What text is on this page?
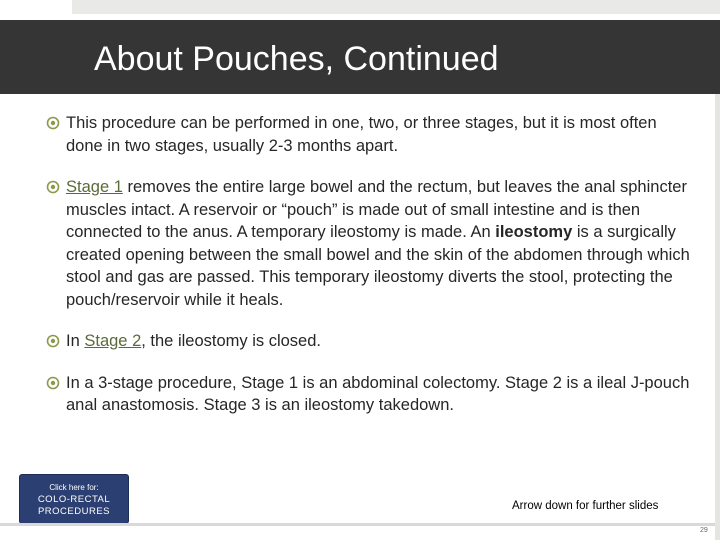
About Pouches, Continued
This procedure can be performed in one, two, or three stages, but it is most often done in two stages, usually 2-3 months apart.
Stage 1 removes the entire large bowel and the rectum, but leaves the anal sphincter muscles intact. A reservoir or “pouch” is made out of small intestine and is then connected to the anus. A temporary ileostomy is made. An ileostomy is a surgically created opening between the small bowel and the skin of the abdomen through which stool and gas are passed. This temporary ileostomy diverts the stool, protecting the pouch/reservoir while it heals.
In Stage 2, the ileostomy is closed.
In a 3-stage procedure, Stage 1 is an abdominal colectomy. Stage 2 is a ileal J-pouch anal anastomosis. Stage 3 is an ileostomy takedown.
Click here for:
COLO-RECTAL
PROCEDURES	Arrow down for further slides
29
